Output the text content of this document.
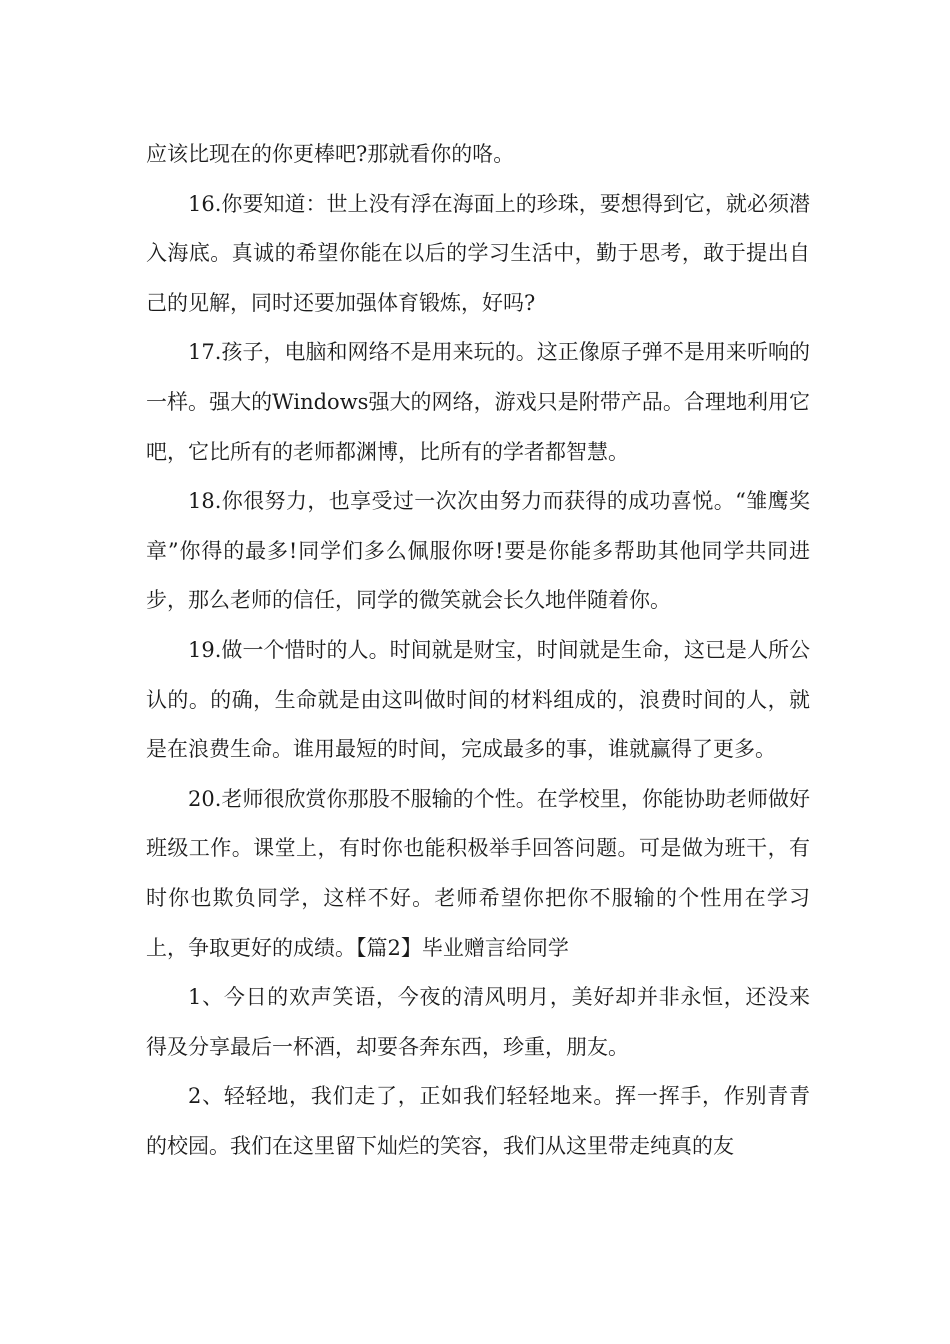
应该比现在的你更棒吧?那就看你的咯。

16.你要知道：世上没有浮在海面上的珍珠，要想得到它，就必须潜入海底。真诚的希望你能在以后的学习生活中，勤于思考，敢于提出自己的见解，同时还要加强体育锻炼，好吗?

17.孩子，电脑和网络不是用来玩的。这正像原子弹不是用来听响的一样。强大的Windows强大的网络，游戏只是附带产品。合理地利用它吧，它比所有的老师都渊博，比所有的学者都智慧。

18.你很努力，也享受过一次次由努力而获得的成功喜悦。“雏鹰奖章”你得的最多!同学们多么佩服你呀!要是你能多帮助其他同学共同进步，那么老师的信任，同学的微笑就会长久地伴随着你。

19.做一个惜时的人。时间就是财宝，时间就是生命，这已是人所公认的。的确，生命就是由这叫做时间的材料组成的，浪费时间的人，就是在浪费生命。谁用最短的时间，完成最多的事，谁就赢得了更多。

20.老师很欣赏你那股不服输的个性。在学校里，你能协助老师做好班级工作。课堂上，有时你也能积极举手回答问题。可是做为班干，有时你也欺负同学，这样不好。老师希望你把你不服输的个性用在学习上，争取更好的成绩。【篇2】毕业赠言给同学

1、今日的欢声笑语，今夜的清风明月，美好却并非永恒，还没来得及分享最后一杯酒，却要各奔东西，珍重，朋友。

2、轻轻地，我们走了，正如我们轻轻地来。挥一挥手，作别青青的校园。我们在这里留下灿烂的笑容，我们从这里带走纯真的友
